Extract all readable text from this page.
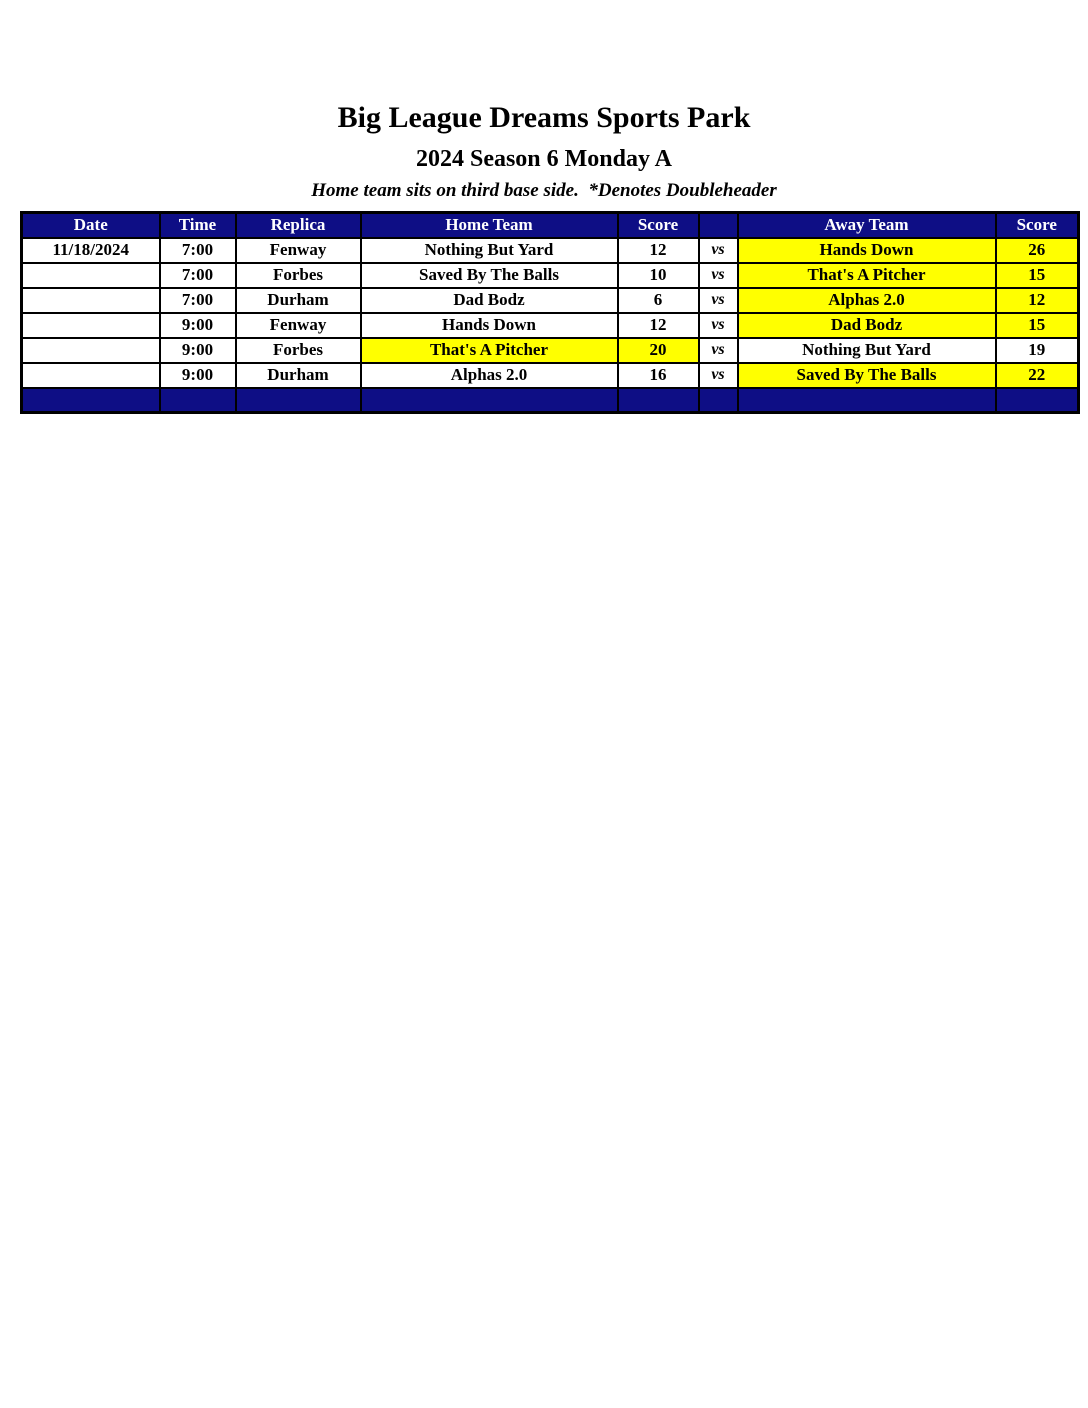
Big League Dreams Sports Park
2024 Season 6 Monday A
Home team sits on third base side.  *Denotes Doubleheader
Date	Time	Replica	Home Team	Score		Away Team	Score
11/18/2024	7:00	Fenway	Nothing But Yard	12	vs	Hands Down	26
	7:00	Forbes	Saved By The Balls	10	vs	That's A Pitcher	15
	7:00	Durham	Dad Bodz	6	vs	Alphas 2.0	12
	9:00	Fenway	Hands Down	12	vs	Dad Bodz	15
	9:00	Forbes	That's A Pitcher	20	vs	Nothing But Yard	19
	9:00	Durham	Alphas 2.0	16	vs	Saved By The Balls	22
